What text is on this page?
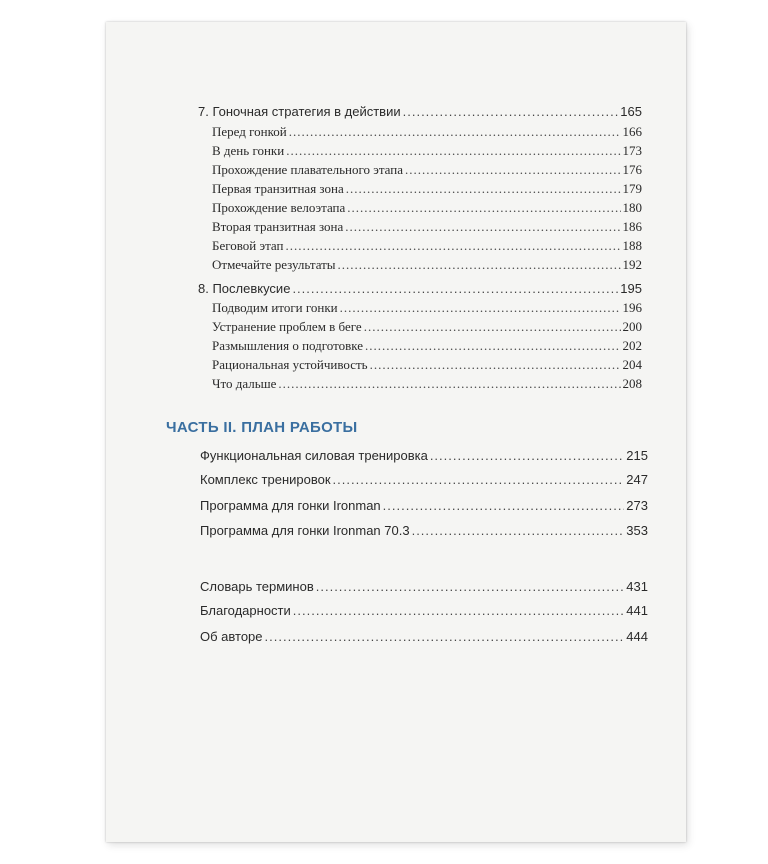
7. Гоночная стратегия в действии .....	165
Перед гонкой .....	166
В день гонки .....	173
Прохождение плавательного этапа .....	176
Первая транзитная зона .....	179
Прохождение велоэтапа .....	180
Вторая транзитная зона .....	186
Беговой этап .....	188
Отмечайте результаты .....	192
8. Послевкусие .....	195
Подводим итоги гонки .....	196
Устранение проблем в беге .....	200
Размышления о подготовке .....	202
Рациональная устойчивость .....	204
Что дальше .....	208
ЧАСТЬ II. ПЛАН РАБОТЫ
Функциональная силовая тренировка .....	215
Комплекс тренировок .....	247
Программа для гонки Ironman .....	273
Программа для гонки Ironman 70.3 .....	353
Словарь терминов .....	431
Благодарности .....	441
Об авторе .....	444
